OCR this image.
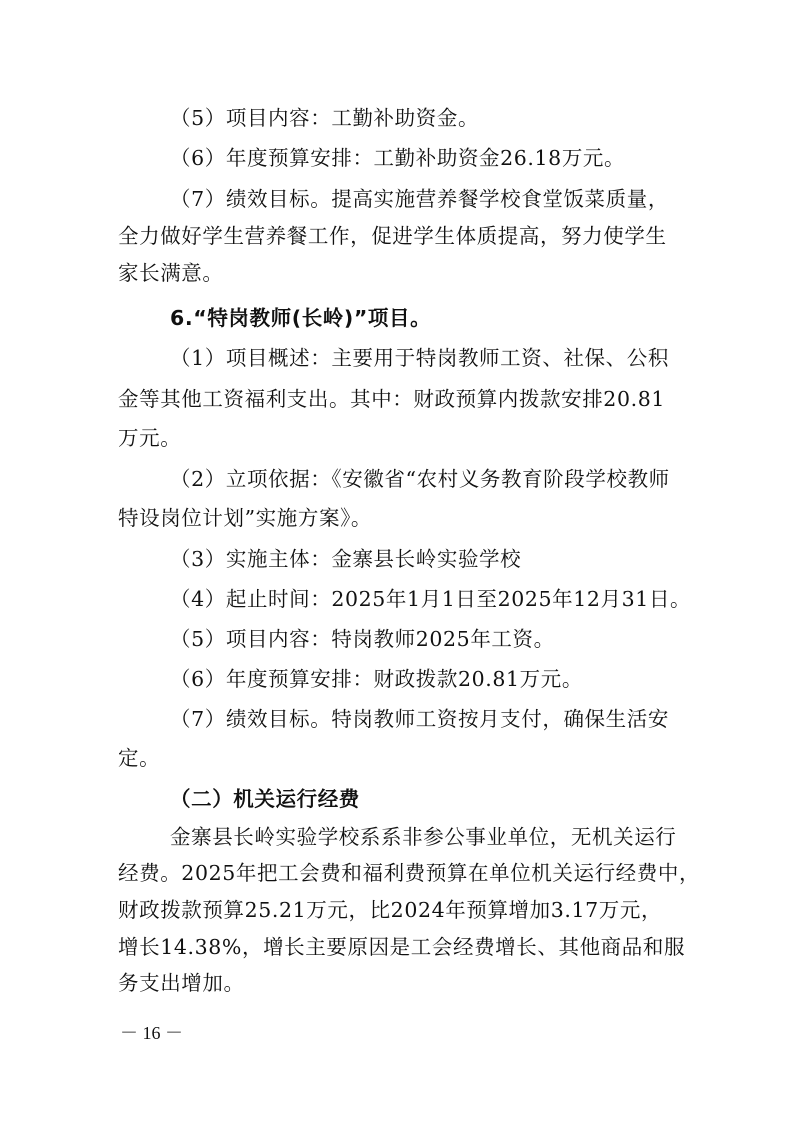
（5）项目内容：工勤补助资金。
（6）年度预算安排：工勤补助资金26.18万元。
（7）绩效目标。提高实施营养餐学校食堂饭菜质量，
全力做好学生营养餐工作，促进学生体质提高，努力使学生
家长满意。
6.“特岗教师(长岭)”项目。
（1）项目概述：主要用于特岗教师工资、社保、公积
金等其他工资福利支出。其中：财政预算内拨款安排20.81
万元。
（2）立项依据：《安徽省“农村义务教育阶段学校教师
特设岗位计划”实施方案》。
（3）实施主体：金寨县长岭实验学校
（4）起止时间：2025年1月1日至2025年12月31日。
（5）项目内容：特岗教师2025年工资。
（6）年度预算安排：财政拨款20.81万元。
（7）绩效目标。特岗教师工资按月支付，确保生活安
定。
（二）机关运行经费
金寨县长岭实验学校系系非参公事业单位，无机关运行
经费。2025年把工会费和福利费预算在单位机关运行经费中，
财政拨款预算25.21万元，比2024年预算增加3.17万元，
增长14.38%，增长主要原因是工会经费增长、其他商品和服
务支出增加。
－ 16 －
